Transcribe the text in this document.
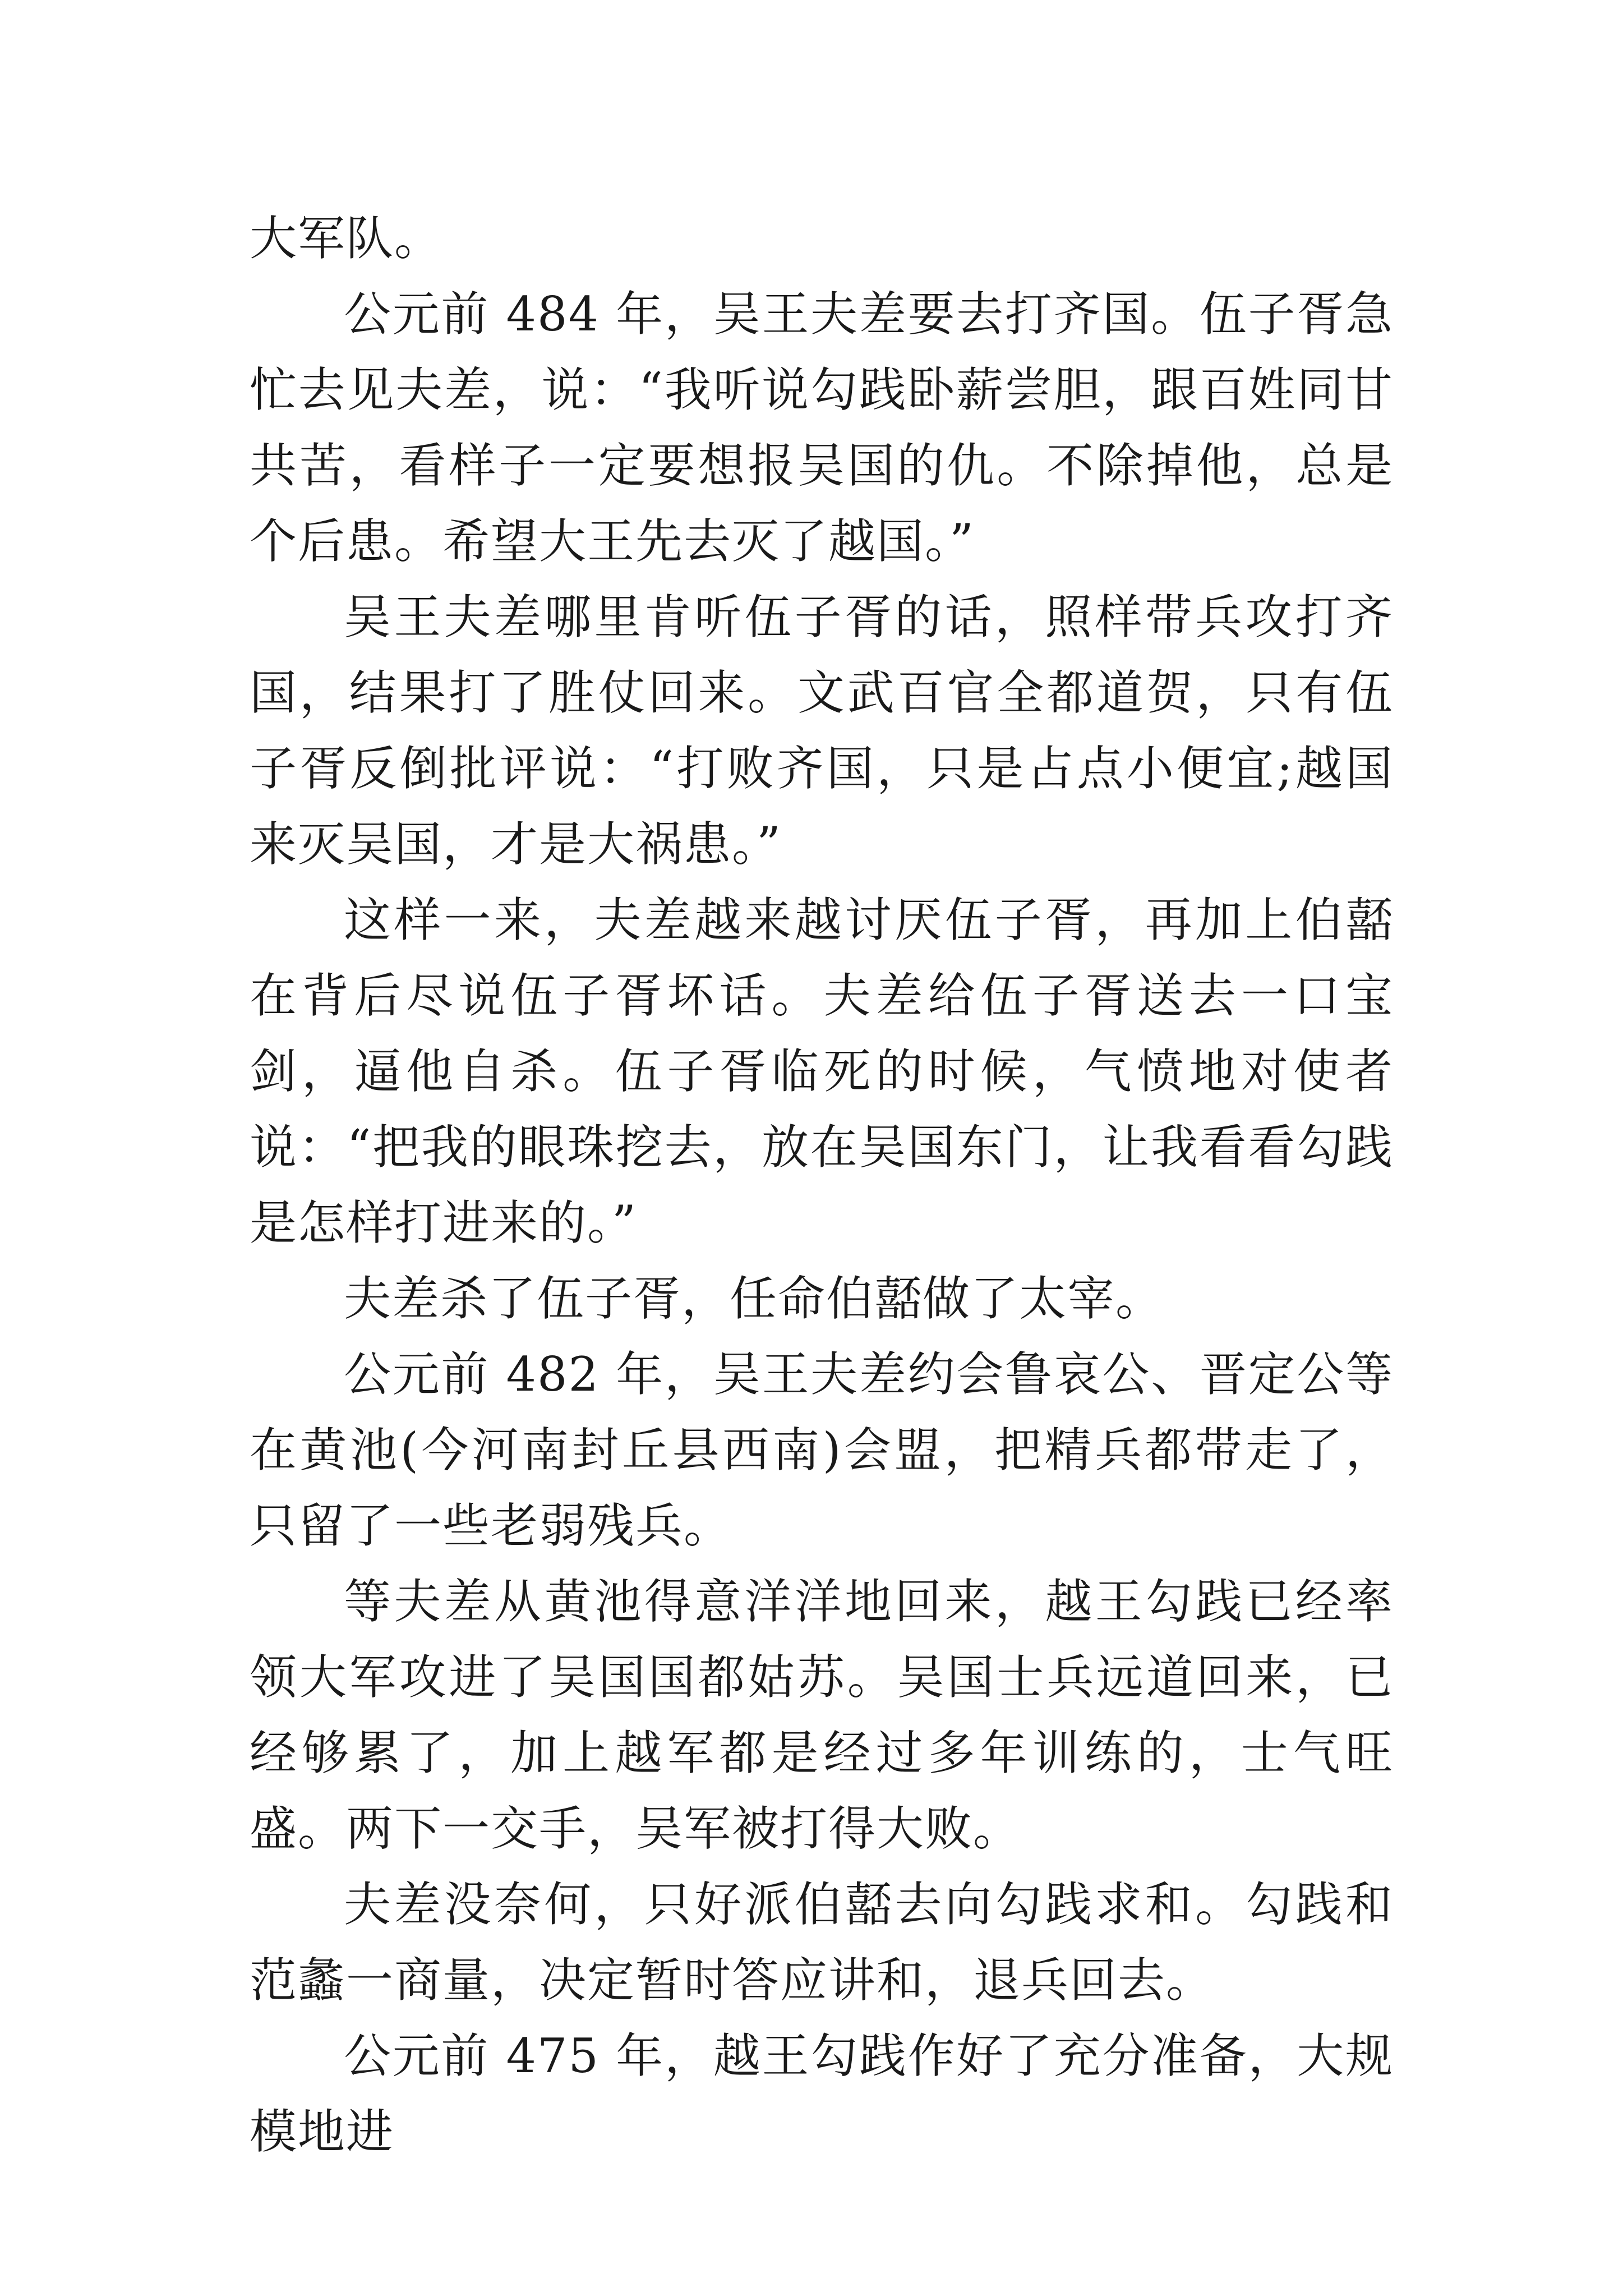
大军队。

公元前 484 年，吴王夫差要去打齐国。伍子胥急忙去见夫差，说：“我听说勾践卧薪尝胆，跟百姓同甘共苦，看样子一定要想报吴国的仇。不除掉他，总是个后患。希望大王先去灭了越国。”

吴王夫差哪里肯听伍子胥的话，照样带兵攻打齐国，结果打了胜仗回来。文武百官全都道贺，只有伍子胥反倒批评说：“打败齐国，只是占点小便宜;越国来灭吴国，才是大祸患。”

这样一来，夫差越来越讨厌伍子胥，再加上伯嚭在背后尽说伍子胥坏话。夫差给伍子胥送去一口宝剑，逼他自杀。伍子胥临死的时候，气愤地对使者说：“把我的眼珠挖去，放在吴国东门，让我看看勾践是怎样打进来的。”

夫差杀了伍子胥，任命伯嚭做了太宰。

公元前 482 年，吴王夫差约会鲁哀公、晋定公等在黄池(今河南封丘县西南)会盟，把精兵都带走了，只留了一些老弱残兵。

等夫差从黄池得意洋洋地回来，越王勾践已经率领大军攻进了吴国国都姑苏。吴国士兵远道回来，已经够累了，加上越军都是经过多年训练的，士气旺盛。两下一交手，吴军被打得大败。

夫差没奈何，只好派伯嚭去向勾践求和。勾践和范蠡一商量，决定暂时答应讲和，退兵回去。

公元前 475 年，越王勾践作好了充分准备，大规模地进
